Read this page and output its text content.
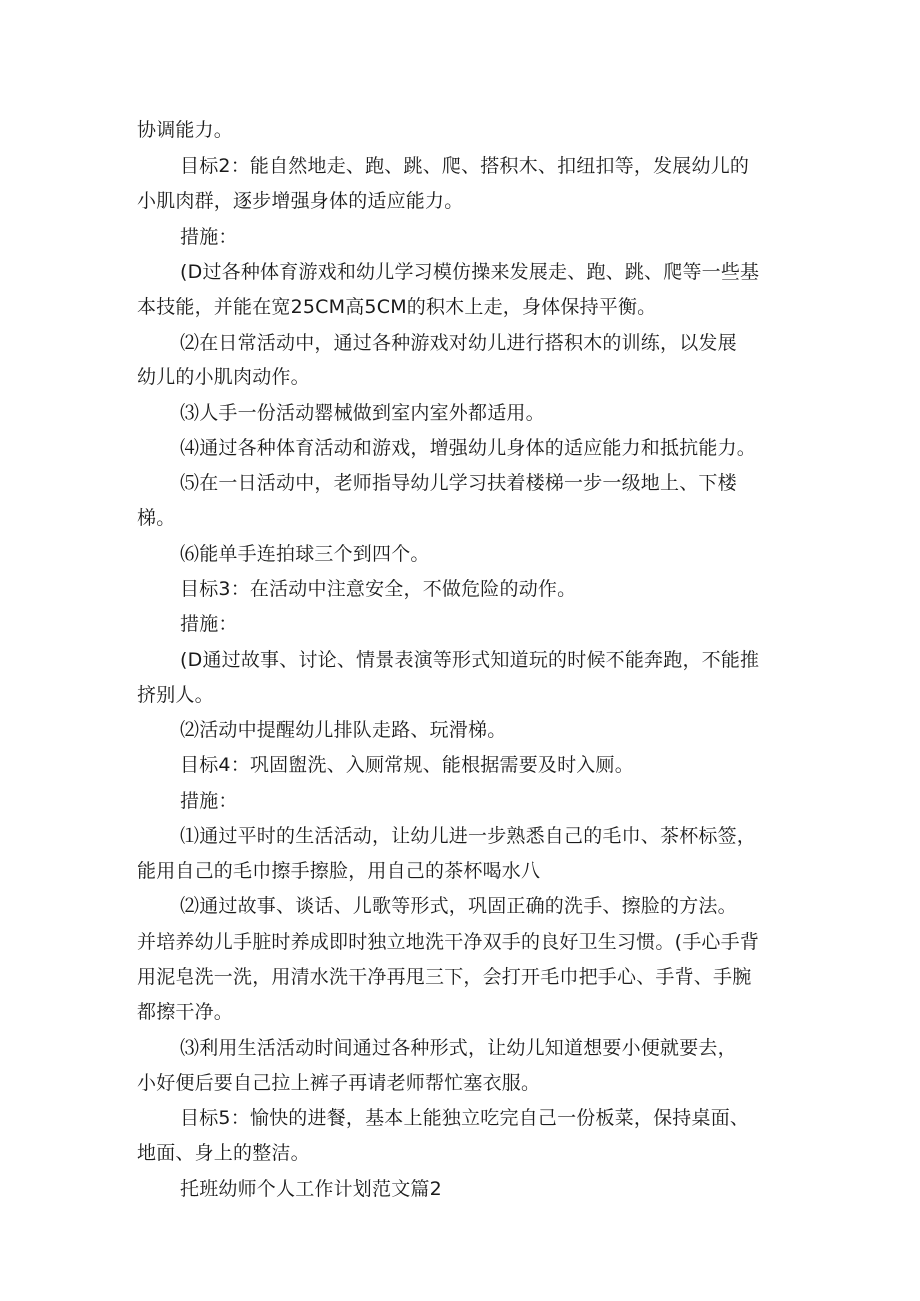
协调能力。
目标2：能自然地走、跑、跳、爬、搭积木、扣纽扣等，发展幼儿的
小肌肉群，逐步增强身体的适应能力。
措施：
(D过各种体育游戏和幼儿学习模仿操来发展走、跑、跳、爬等一些基
本技能，并能在宽25CM高5CM的积木上走，身体保持平衡。
⑵在日常活动中，通过各种游戏对幼儿进行搭积木的训练，以发展
幼儿的小肌肉动作。
⑶人手一份活动罂械做到室内室外都适用。
⑷通过各种体育活动和游戏，增强幼儿身体的适应能力和抵抗能力。
⑸在一日活动中，老师指导幼儿学习扶着楼梯一步一级地上、下楼
梯。
⑹能单手连拍球三个到四个。
目标3：在活动中注意安全，不做危险的动作。
措施：
(D通过故事、讨论、情景表演等形式知道玩的时候不能奔跑，不能推
挤别人。
⑵活动中提醒幼儿排队走路、玩滑梯。
目标4：巩固盥洗、入厕常规、能根据需要及时入厕。
措施：
⑴通过平时的生活活动，让幼儿进一步熟悉自己的毛巾、茶杯标签，
能用自己的毛巾擦手擦脸，用自己的茶杯喝水八
⑵通过故事、谈话、儿歌等形式，巩固正确的洗手、擦脸的方法。
并培养幼儿手脏时养成即时独立地洗干净双手的良好卫生习惯。(手心手背
用泥皂洗一洗，用清水洗干净再甩三下，会打开毛巾把手心、手背、手腕
都擦干净。
⑶利用生活活动时间通过各种形式，让幼儿知道想要小便就要去，
小好便后要自己拉上裤子再请老师帮忙塞衣服。
目标5：愉快的进餐，基本上能独立吃完自己一份板菜，保持桌面、
地面、身上的整洁。
托班幼师个人工作计划范文篇2
